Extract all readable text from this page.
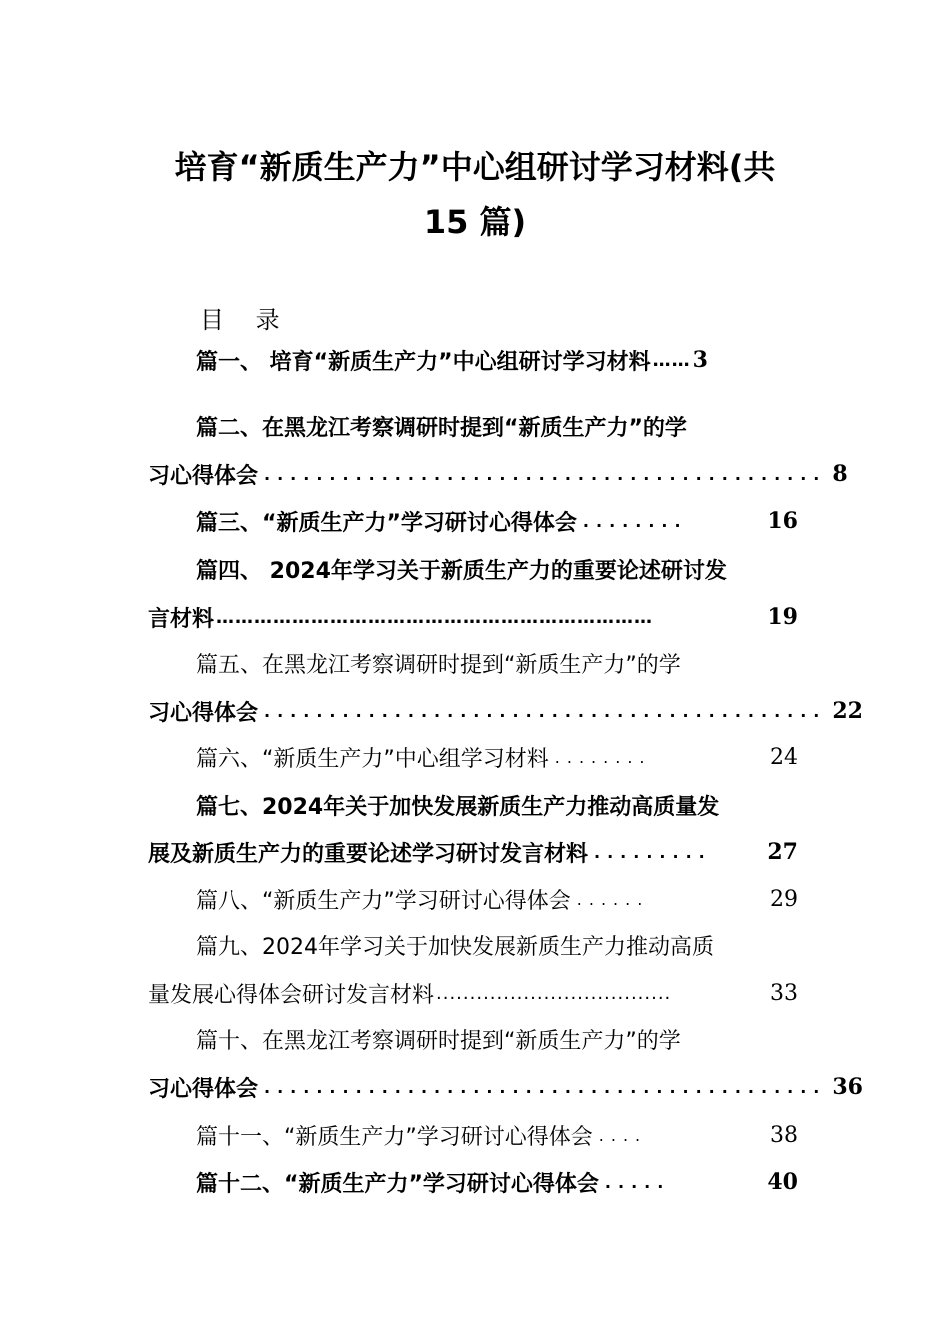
培育“新质生产力”中心组研讨学习材料(共
15 篇)
目 录
篇一、 培育“新质生产力”中心组研讨学习材料 …… 3
篇二、在黑龙江考察调研时提到“新质生产力”的学
习心得体会 ........................................... 8
篇三、“新质生产力”学习研讨心得体会 ........	16
篇四、 2024年学习关于新质生产力的重要论述研讨发
言材料 ……………………………………………………………	19
篇五、在黑龙江考察调研时提到“新质生产力”的学
习心得体会 ........................................... 22
篇六、“新质生产力”中心组学习材料 ........	24
篇七、2024年关于加快发展新质生产力推动高质量发
展及新质生产力的重要论述学习研讨发言材料 .........	27
篇八、“新质生产力”学习研讨心得体会 ......	29
篇九、2024年学习关于加快发展新质生产力推动高质
量发展心得体会研讨发言材料 ...................................	33
篇十、在黑龙江考察调研时提到“新质生产力”的学
习心得体会 ........................................... 36
篇十一、“新质生产力”学习研讨心得体会 ....	38
篇十二、“新质生产力”学习研讨心得体会 .....	40
